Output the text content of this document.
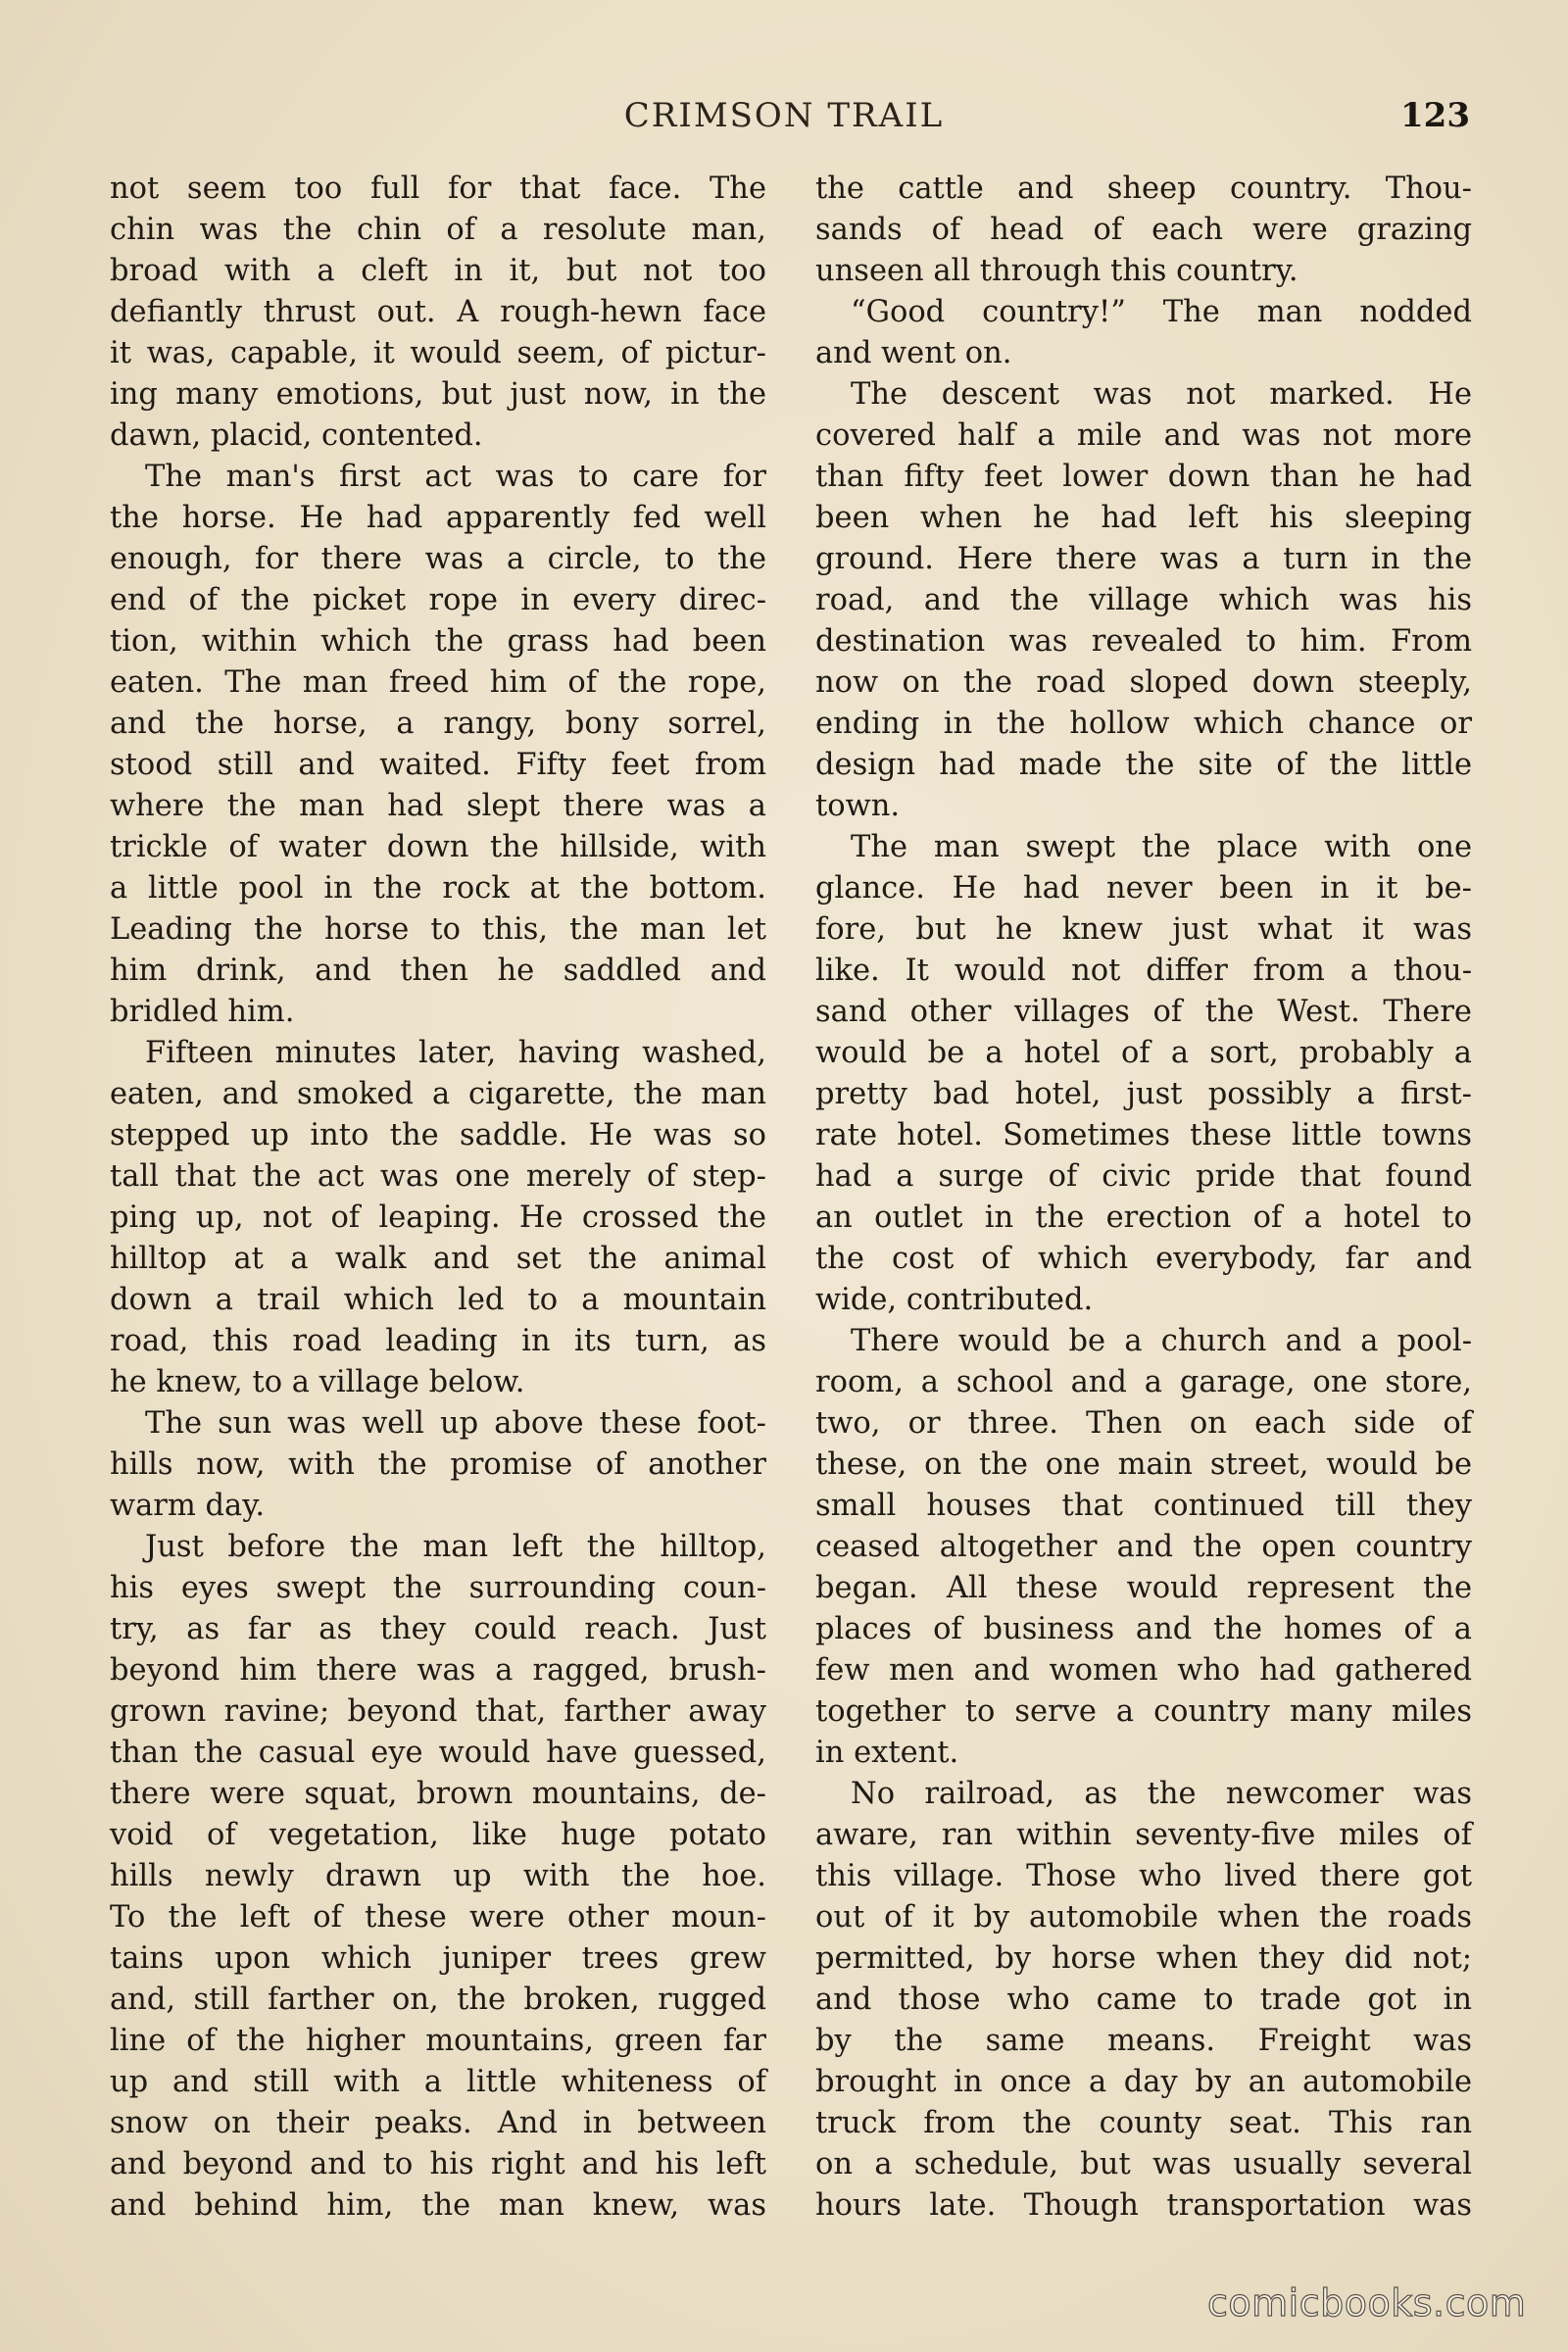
CRIMSON TRAIL	123
not seem too full for that face. The
chin was the chin of a resolute man,
broad with a cleft in it, but not too
defiantly thrust out. A rough-hewn face
it was, capable, it would seem, of pictur-
ing many emotions, but just now, in the
dawn, placid, contented.
The man's first act was to care for
the horse. He had apparently fed well
enough, for there was a circle, to the
end of the picket rope in every direc-
tion, within which the grass had been
eaten. The man freed him of the rope,
and the horse, a rangy, bony sorrel,
stood still and waited. Fifty feet from
where the man had slept there was a
trickle of water down the hillside, with
a little pool in the rock at the bottom.
Leading the horse to this, the man let
him drink, and then he saddled and
bridled him.
Fifteen minutes later, having washed,
eaten, and smoked a cigarette, the man
stepped up into the saddle. He was so
tall that the act was one merely of step-
ping up, not of leaping. He crossed the
hilltop at a walk and set the animal
down a trail which led to a mountain
road, this road leading in its turn, as
he knew, to a village below.
The sun was well up above these foot-
hills now, with the promise of another
warm day.
Just before the man left the hilltop,
his eyes swept the surrounding coun-
try, as far as they could reach. Just
beyond him there was a ragged, brush-
grown ravine; beyond that, farther away
than the casual eye would have guessed,
there were squat, brown mountains, de-
void of vegetation, like huge potato
hills newly drawn up with the hoe.
To the left of these were other moun-
tains upon which juniper trees grew
and, still farther on, the broken, rugged
line of the higher mountains, green far
up and still with a little whiteness of
snow on their peaks. And in between
and beyond and to his right and his left
and behind him, the man knew, was
the cattle and sheep country. Thou-
sands of head of each were grazing
unseen all through this country.
“Good country!” The man nodded
and went on.
The descent was not marked. He
covered half a mile and was not more
than fifty feet lower down than he had
been when he had left his sleeping
ground. Here there was a turn in the
road, and the village which was his
destination was revealed to him. From
now on the road sloped down steeply,
ending in the hollow which chance or
design had made the site of the little
town.
The man swept the place with one
glance. He had never been in it be-
fore, but he knew just what it was
like. It would not differ from a thou-
sand other villages of the West. There
would be a hotel of a sort, probably a
pretty bad hotel, just possibly a first-
rate hotel. Sometimes these little towns
had a surge of civic pride that found
an outlet in the erection of a hotel to
the cost of which everybody, far and
wide, contributed.
There would be a church and a pool-
room, a school and a garage, one store,
two, or three. Then on each side of
these, on the one main street, would be
small houses that continued till they
ceased altogether and the open country
began. All these would represent the
places of business and the homes of a
few men and women who had gathered
together to serve a country many miles
in extent.
No railroad, as the newcomer was
aware, ran within seventy-five miles of
this village. Those who lived there got
out of it by automobile when the roads
permitted, by horse when they did not;
and those who came to trade got in
by the same means. Freight was
brought in once a day by an automobile
truck from the county seat. This ran
on a schedule, but was usually several
hours late. Though transportation was
comicbooks.com
